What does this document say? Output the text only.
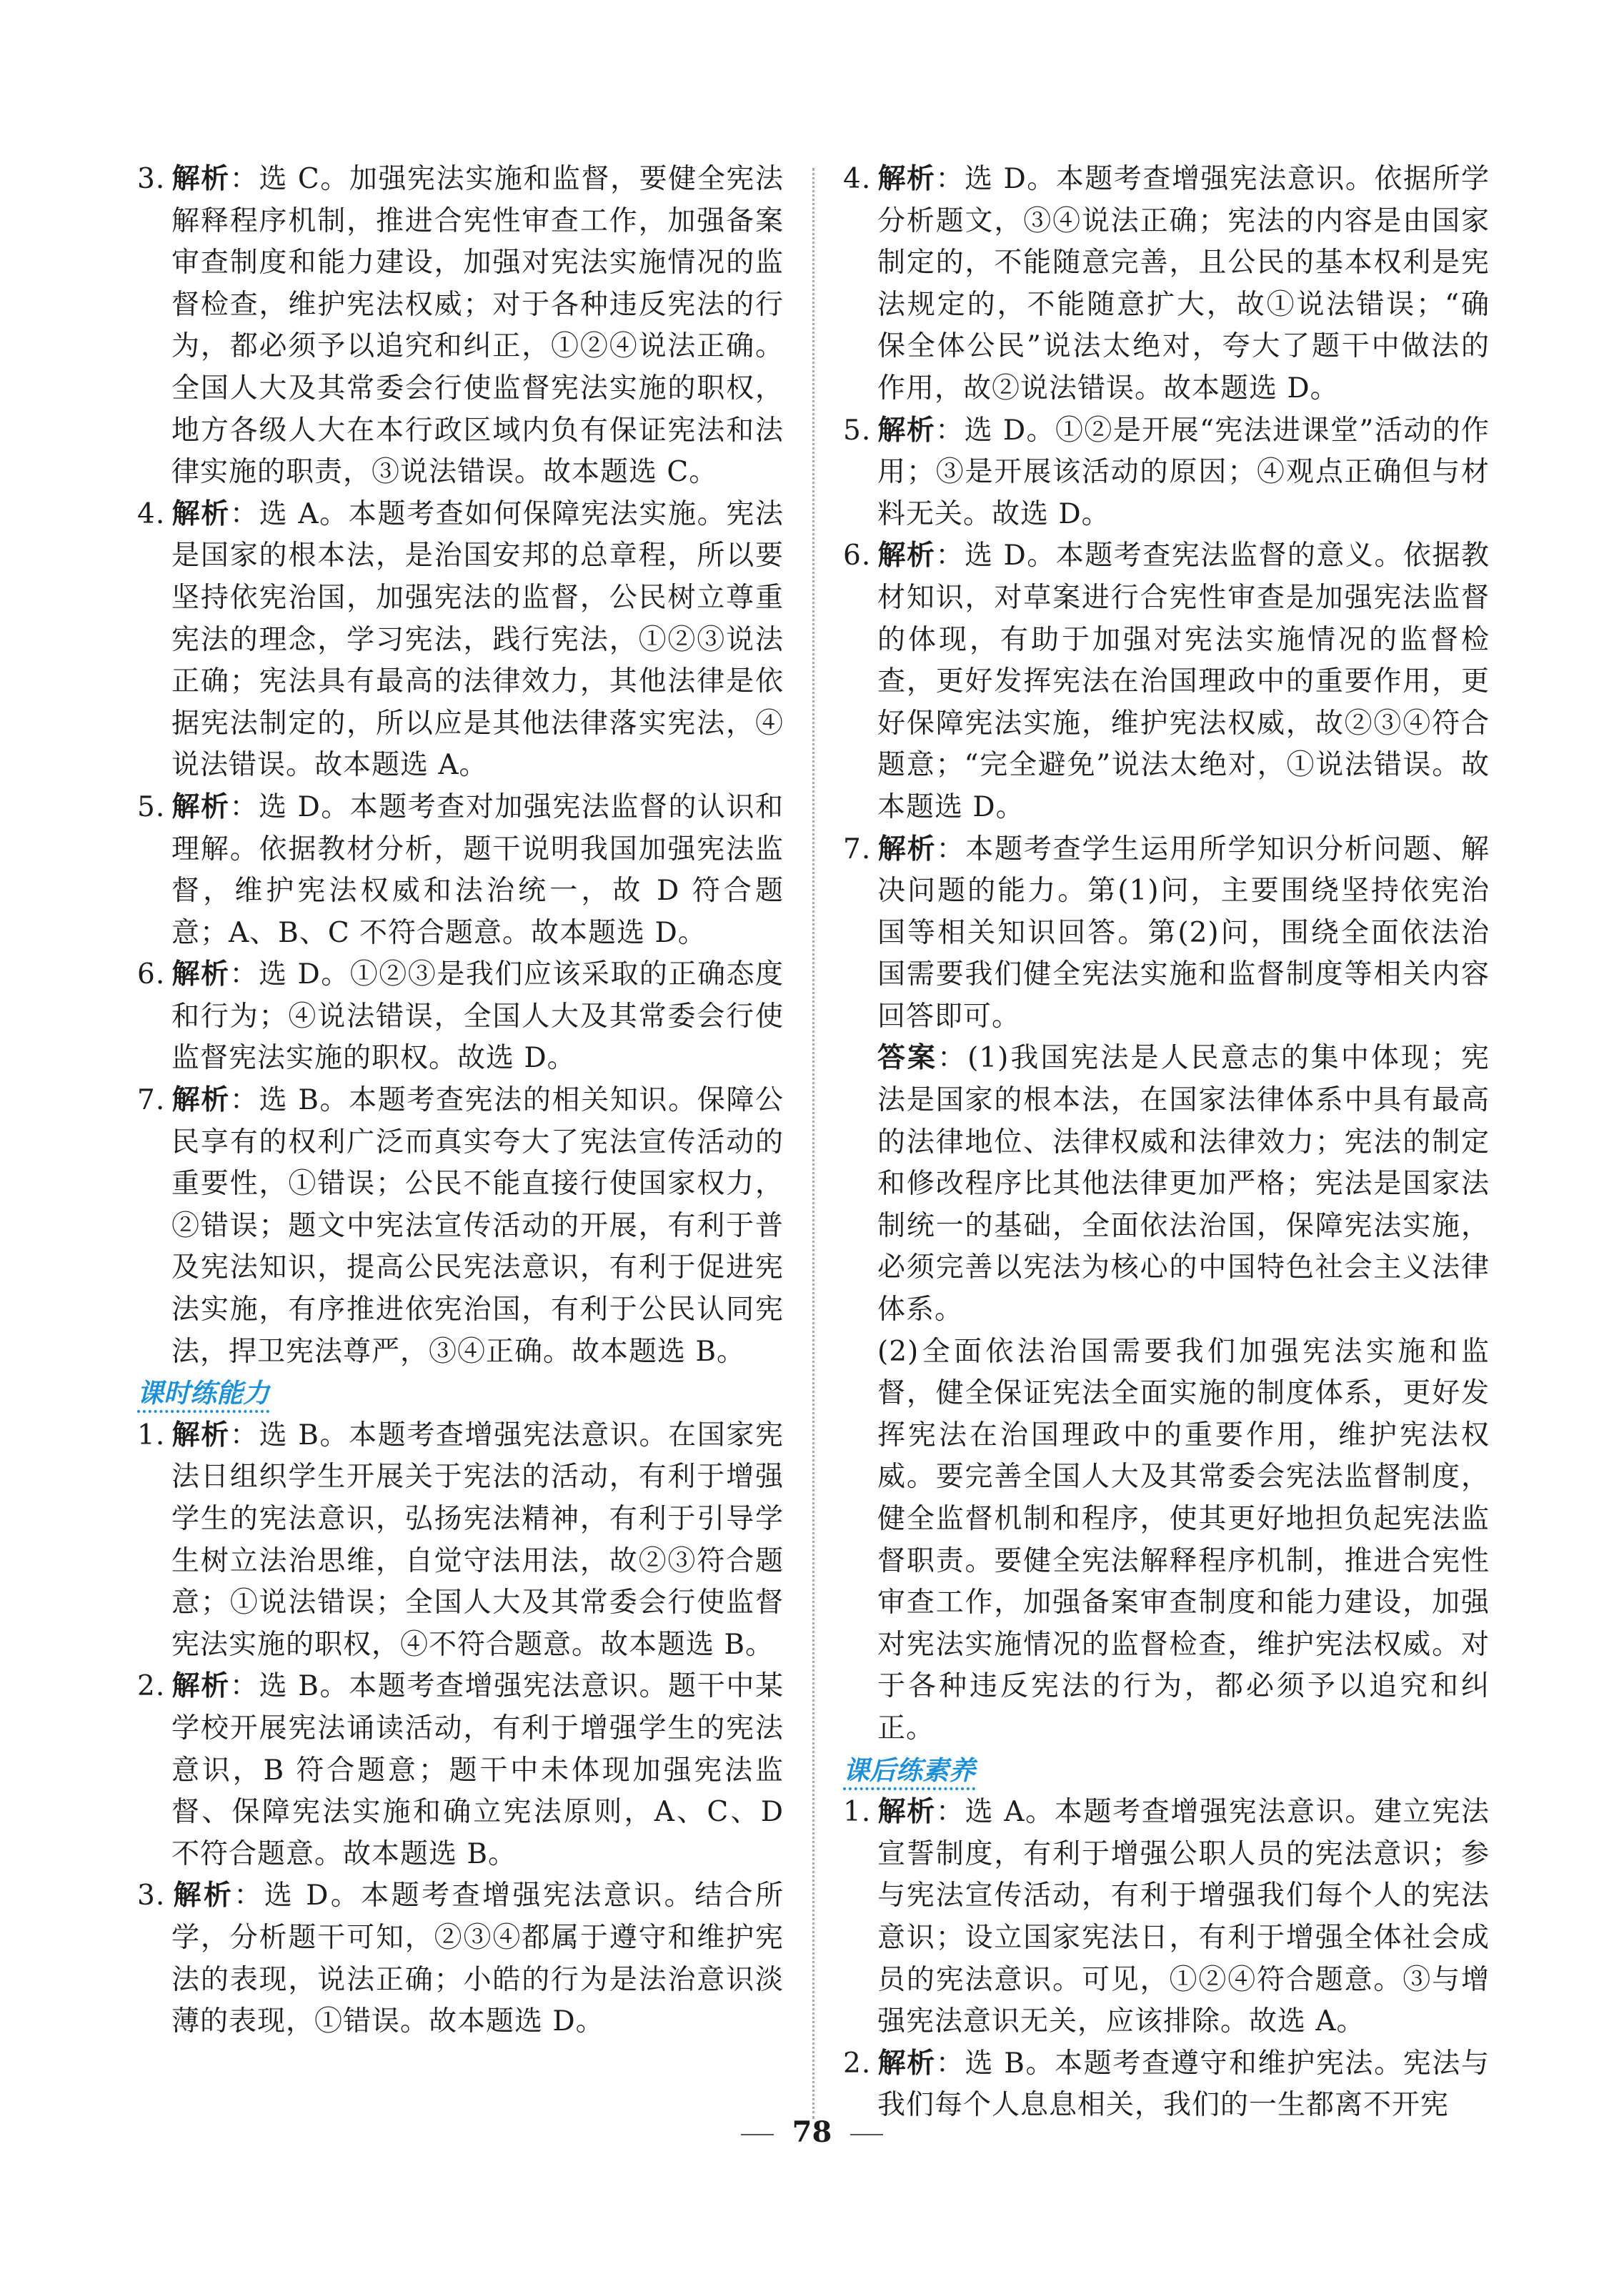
3. 解析：选 C。加强宪法实施和监督，要健全宪法解释程序机制，推进合宪性审查工作，加强备案审查制度和能力建设，加强对宪法实施情况的监督检查，维护宪法权威；对于各种违反宪法的行为，都必须予以追究和纠正，①②④说法正确。全国人大及其常委会行使监督宪法实施的职权，地方各级人大在本行政区域内负有保证宪法和法律实施的职责，③说法错误。故本题选 C。
4. 解析：选 A。本题考查如何保障宪法实施。宪法是国家的根本法，是治国安邦的总章程，所以要坚持依宪治国，加强宪法的监督，公民树立尊重宪法的理念，学习宪法，践行宪法，①②③说法正确；宪法具有最高的法律效力，其他法律是依据宪法制定的，所以应是其他法律落实宪法，④说法错误。故本题选 A。
5. 解析：选 D。本题考查对加强宪法监督的认识和理解。依据教材分析，题干说明我国加强宪法监督，维护宪法权威和法治统一，故 D 符合题意；A、B、C 不符合题意。故本题选 D。
6. 解析：选 D。①②③是我们应该采取的正确态度和行为；④说法错误，全国人大及其常委会行使监督宪法实施的职权。故选 D。
7. 解析：选 B。本题考查宪法的相关知识。保障公民享有的权利广泛而真实夸大了宪法宣传活动的重要性，①错误；公民不能直接行使国家权力，②错误；题文中宪法宣传活动的开展，有利于普及宪法知识，提高公民宪法意识，有利于促进宪法实施，有序推进依宪治国，有利于公民认同宪法，捍卫宪法尊严，③④正确。故本题选 B。
课时练能力
1. 解析：选 B。本题考查增强宪法意识。在国家宪法日组织学生开展关于宪法的活动，有利于增强学生的宪法意识，弘扬宪法精神，有利于引导学生树立法治思维，自觉守法用法，故②③符合题意；①说法错误；全国人大及其常委会行使监督宪法实施的职权，④不符合题意。故本题选 B。
2. 解析：选 B。本题考查增强宪法意识。题干中某学校开展宪法诵读活动，有利于增强学生的宪法意识，B 符合题意；题干中未体现加强宪法监督、保障宪法实施和确立宪法原则，A、C、D 不符合题意。故本题选 B。
3. 解析：选 D。本题考查增强宪法意识。结合所学，分析题干可知，②③④都属于遵守和维护宪法的表现，说法正确；小皓的行为是法治意识淡薄的表现，①错误。故本题选 D。
4. 解析：选 D。本题考查增强宪法意识。依据所学分析题文，③④说法正确；宪法的内容是由国家制定的，不能随意完善，且公民的基本权利是宪法规定的，不能随意扩大，故①说法错误；“确保全体公民”说法太绝对，夸大了题干中做法的作用，故②说法错误。故本题选 D。
5. 解析：选 D。①②是开展“宪法进课堂”活动的作用；③是开展该活动的原因；④观点正确但与材料无关。故选 D。
6. 解析：选 D。本题考查宪法监督的意义。依据教材知识，对草案进行合宪性审查是加强宪法监督的体现，有助于加强对宪法实施情况的监督检查，更好发挥宪法在治国理政中的重要作用，更好保障宪法实施，维护宪法权威，故②③④符合题意；“完全避免”说法太绝对，①说法错误。故本题选 D。
7. 解析：本题考查学生运用所学知识分析问题、解决问题的能力。第(1)问，主要围绕坚持依宪治国等相关知识回答。第(2)问，围绕全面依法治国需要我们健全宪法实施和监督制度等相关内容回答即可。
答案：(1)我国宪法是人民意志的集中体现；宪法是国家的根本法，在国家法律体系中具有最高的法律地位、法律权威和法律效力；宪法的制定和修改程序比其他法律更加严格；宪法是国家法制统一的基础，全面依法治国，保障宪法实施，必须完善以宪法为核心的中国特色社会主义法律体系。
(2)全面依法治国需要我们加强宪法实施和监督，健全保证宪法全面实施的制度体系，更好发挥宪法在治国理政中的重要作用，维护宪法权威。要完善全国人大及其常委会宪法监督制度，健全监督机制和程序，使其更好地担负起宪法监督职责。要健全宪法解释程序机制，推进合宪性审查工作，加强备案审查制度和能力建设，加强对宪法实施情况的监督检查，维护宪法权威。对于各种违反宪法的行为，都必须予以追究和纠正。
课后练素养
1. 解析：选 A。本题考查增强宪法意识。建立宪法宣誓制度，有利于增强公职人员的宪法意识；参与宪法宣传活动，有利于增强我们每个人的宪法意识；设立国家宪法日，有利于增强全体社会成员的宪法意识。可见，①②④符合题意。③与增强宪法意识无关，应该排除。故选 A。
2. 解析：选 B。本题考查遵守和维护宪法。宪法与我们每个人息息相关，我们的一生都离不开宪
78
